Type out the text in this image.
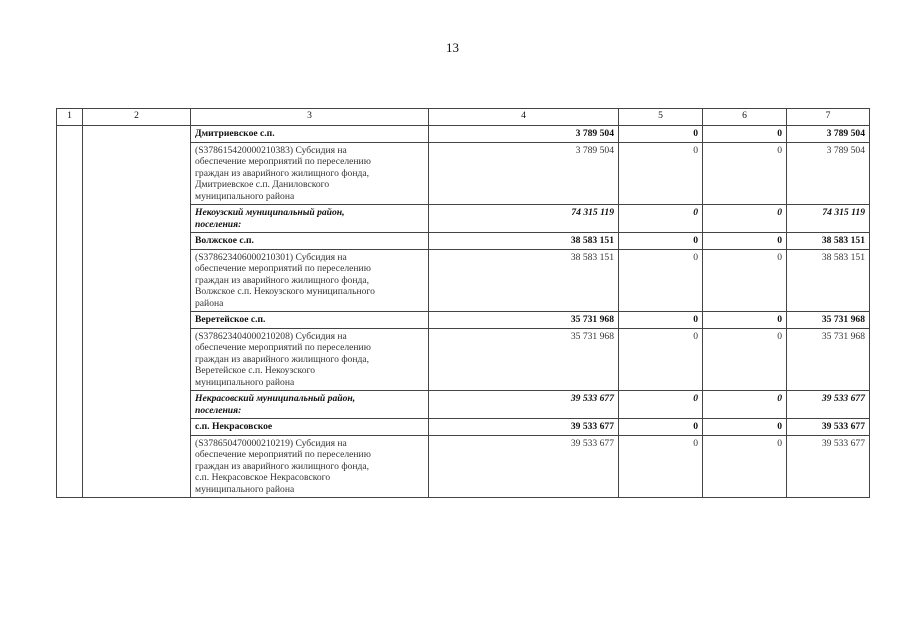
13
1	2	3	4	5	6	7
		Дмитриевское с.п.	3 789 504	0	0	3 789 504

		(S378615420000210383) Субсидия на
обеспечение мероприятий по переселению
граждан из аварийного жилищного фонда,
Дмитриевское с.п. Даниловского
муниципального района	3 789 504	0	0	3 789 504

		Некоузский муниципальный район,
поселения:	74 315 119	0	0	74 315 119
		Волжское с.п.	38 583 151	0	0	38 583 151

		(S378623406000210301) Субсидия на
обеспечение мероприятий по переселению
граждан из аварийного жилищного фонда,
Волжское с.п. Некоузского муниципального
района	38 583 151	0	0	38 583 151
		Веретейское с.п.	35 731 968	0	0	35 731 968

		(S378623404000210208) Субсидия на
обеспечение мероприятий по переселению
граждан из аварийного жилищного фонда,
Веретейское с.п. Некоузского
муниципального района	35 731 968	0	0	35 731 968

		Некрасовский муниципальный район,
поселения:	39 533 677	0	0	39 533 677
		с.п. Некрасовское	39 533 677	0	0	39 533 677

		(S378650470000210219) Субсидия на
обеспечение мероприятий по переселению
граждан из аварийного жилищного фонда,
с.п. Некрасовское Некрасовского
муниципального района	39 533 677	0	0	39 533 677
